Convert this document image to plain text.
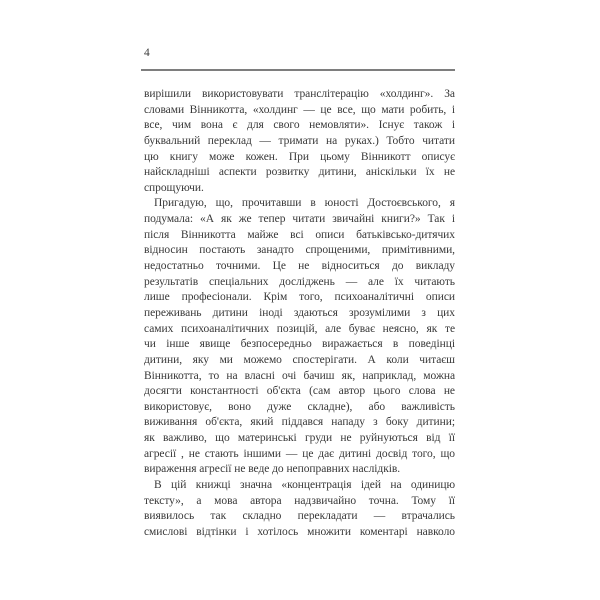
4
вирішили використовувати транслітерацію «холдинг». За
словами Вінникотта, «холдинг — це все, що мати робить, і
все, чим вона є для свого немовляти». Існує також і
буквальний переклад — тримати на руках.) Тобто читати
цю книгу може кожен. При цьому Вінникотт описує
найскладніші аспекти розвитку дитини, аніскільки їх не
спрощуючи.
Пригадую, що, прочитавши в юності Достоєвського, я
подумала: «А як же тепер читати звичайні книги?» Так і
після Вінникотта майже всі описи батьківсько-дитячих
відносин постають занадто спрощеними, примітивними,
недостатньо точними. Це не відноситься до викладу
результатів спеціальних досліджень — але їх читають
лише професіонали. Крім того, психоаналітичні описи
переживань дитини іноді здаються зрозумілими з цих
самих психоаналітичних позицій, але буває неясно, як те
чи інше явище безпосередньо виражається в поведінці
дитини, яку ми можемо спостерігати. А коли читаєш
Вінникотта, то на власні очі бачиш як, наприклад, можна
досягти константності об'єкта (сам автор цього слова не
використовує, воно дуже складне), або важливість
виживання об'єкта, який піддався нападу з боку дитини;
як важливо, що материнські груди не руйнуються від її
агресії , не стають іншими — це дає дитині досвід того, що
вираження агресії не веде до непоправних наслідків.
В цій книжці значна «концентрація ідей на одиницю
тексту», а мова автора надзвичайно точна. Тому її
виявилось так складно перекладати — втрачались
смислові відтінки і хотілось множити коментарі навколо
